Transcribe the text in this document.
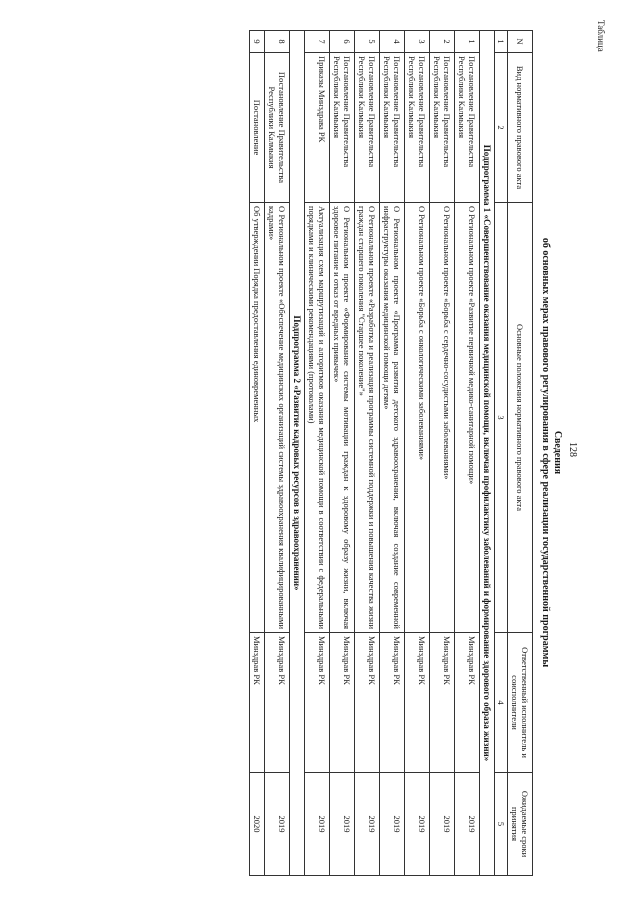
Таблица
128
Сведения
об основных мерах правового регулирования в сфере реализации государственной программы
N	Вид нормативного правового акта	Основные положения нормативного правового акта	Ответственный исполнитель и соисполнители	Ожидаемые сроки принятия
1	2	3	4	5
Подпрограмма 1 «Совершенствование оказания медицинской помощи, включая профилактику заболеваний и формирование здорового образа жизни»				
1	Постановление Правительства Республики Калмыкия	О Региональном проекте «Развитие первичной медико-санитарной помощи»	Минздрав РК	2019
2	Постановление Правительства Республики Калмыкия	О Региональном проекте «Борьба с сердечно-сосудистыми заболеваниями»	Минздрав РК	2019
3	Постановление Правительства Республики Калмыкия	О Региональном проекте «Борьба с онкологическими заболеваниями»	Минздрав РК	2019
4	Постановление Правительства Республики Калмыкия	О Региональном проекте «Программа развития детского здравоохранения, включая создание современной инфраструктуры оказания медицинской помощи детям»	Минздрав РК	2019
5	Постановление Правительства Республики Калмыкия	О Региональном проекте «Разработка и реализация программы системной поддержки и повышения качества жизни граждан старшего поколения "Старшее поколение"»	Минздрав РК	2019
6	Постановление Правительства Республики Калмыкия	О Региональном проекте «Формирование системы мотивации граждан к здоровому образу жизни, включая здоровое питание и отказ от вредных привычек»	Минздрав РК	2019
7	Приказы Минздрава РК	Актуализация схем маршрутизаций и алгоритмов оказания медицинской помощи в соответствии с федеральными порядками и клиническими рекомендациями (протоколами)	Минздрав РК	2019
Подпрограмма 2 «Развитие кадровых ресурсов в здравоохранении»				
8	Постановление Правительства Республики Калмыкия	О Региональном проекте «Обеспечение медицинских организаций системы здравоохранения квалифицированными кадрами»	Минздрав РК	2019
9	Постановление	Об утверждении Порядка предоставления единовременных	Минздрав РК	2020
